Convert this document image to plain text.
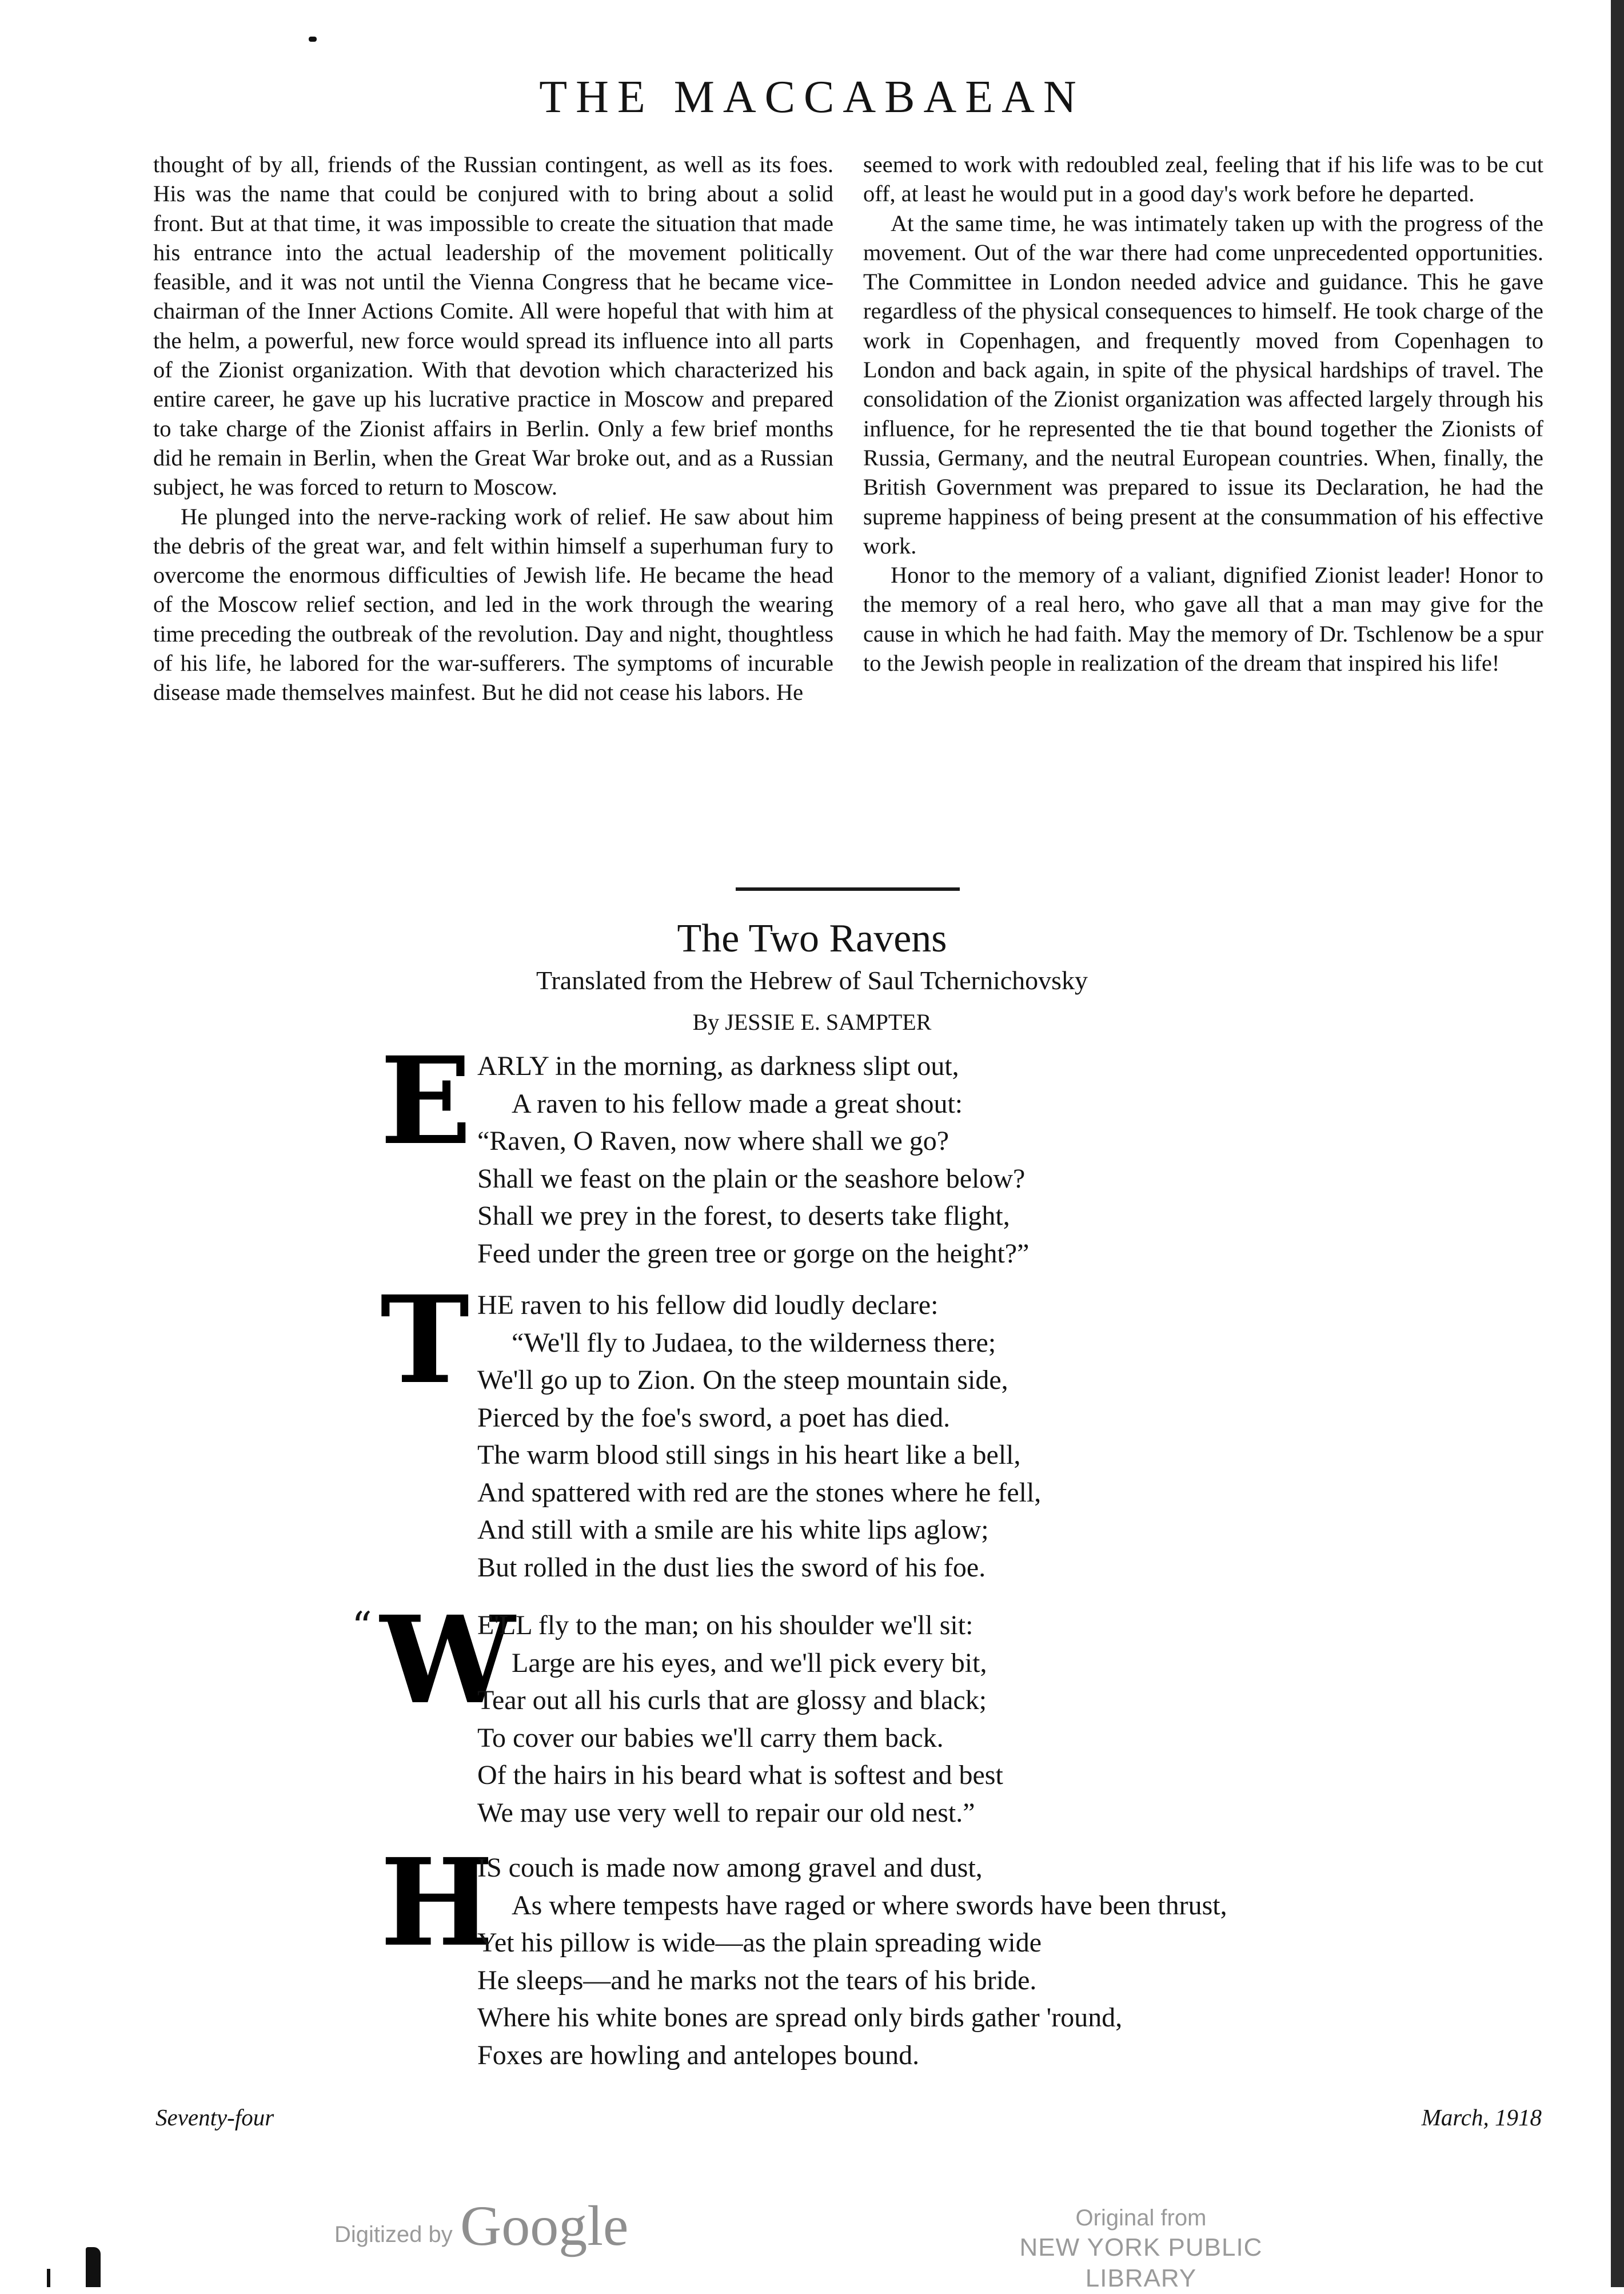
THE MACCABAEAN

thought of by all, friends of the Russian contingent, as well as its foes. His was the name that could be conjured with to bring about a solid front. But at that time, it was impossible to create the situation that made his entrance into the actual leadership of the movement politically feasible, and it was not until the Vienna Congress that he became vice-chairman of the Inner Actions Comite. All were hopeful that with him at the helm, a powerful, new force would spread its influence into all parts of the Zionist organization. With that devotion which characterized his entire career, he gave up his lucrative practice in Moscow and prepared to take charge of the Zionist affairs in Berlin. Only a few brief months did he remain in Berlin, when the Great War broke out, and as a Russian subject, he was forced to return to Moscow.

He plunged into the nerve-racking work of relief. He saw about him the debris of the great war, and felt within himself a superhuman fury to overcome the enormous difficulties of Jewish life. He became the head of the Moscow relief section, and led in the work through the wearing time preceding the outbreak of the revolution. Day and night, thoughtless of his life, he labored for the war-sufferers. The symptoms of incurable disease made themselves mainfest. But he did not cease his labors. He

seemed to work with redoubled zeal, feeling that if his life was to be cut off, at least he would put in a good day's work before he departed.

At the same time, he was intimately taken up with the progress of the movement. Out of the war there had come unprecedented opportunities. The Committee in London needed advice and guidance. This he gave regardless of the physical consequences to himself. He took charge of the work in Copenhagen, and frequently moved from Copenhagen to London and back again, in spite of the physical hardships of travel. The consolidation of the Zionist organization was affected largely through his influence, for he represented the tie that bound together the Zionists of Russia, Germany, and the neutral European countries. When, finally, the British Government was prepared to issue its Declaration, he had the supreme happiness of being present at the consummation of his effective work.

Honor to the memory of a valiant, dignified Zionist leader! Honor to the memory of a real hero, who gave all that a man may give for the cause in which he had faith. May the memory of Dr. Tschlenow be a spur to the Jewish people in realization of the dream that inspired his life!

The Two Ravens
Translated from the Hebrew of Saul Tchernichovsky
By JESSIE E. SAMPTER
E ARLY in the morning, as darkness slipt out,
A raven to his fellow made a great shout:
“Raven, O Raven, now where shall we go?
Shall we feast on the plain or the seashore below?
Shall we prey in the forest, to deserts take flight,
Feed under the green tree or gorge on the height?”
T HE raven to his fellow did loudly declare:
“We'll fly to Judaea, to the wilderness there;
We'll go up to Zion. On the steep mountain side,
Pierced by the foe's sword, a poet has died.
The warm blood still sings in his heart like a bell,
And spattered with red are the stones where he fell,
And still with a smile are his white lips aglow;
But rolled in the dust lies the sword of his foe.
“ W
E'LL fly to the man; on his shoulder we'll sit:
Large are his eyes, and we'll pick every bit,
Tear out all his curls that are glossy and black;
To cover our babies we'll carry them back.
Of the hairs in his beard what is softest and best
We may use very well to repair our old nest.”
H
IS couch is made now among gravel and dust,
As where tempests have raged or where swords have been thrust,
Yet his pillow is wide—as the plain spreading wide
He sleeps—and he marks not the tears of his bride.
Where his white bones are spread only birds gather 'round,
Foxes are howling and antelopes bound.
Seventy-four	March, 1918
Digitized by Google	Original from
NEW YORK PUBLIC LIBRARY
